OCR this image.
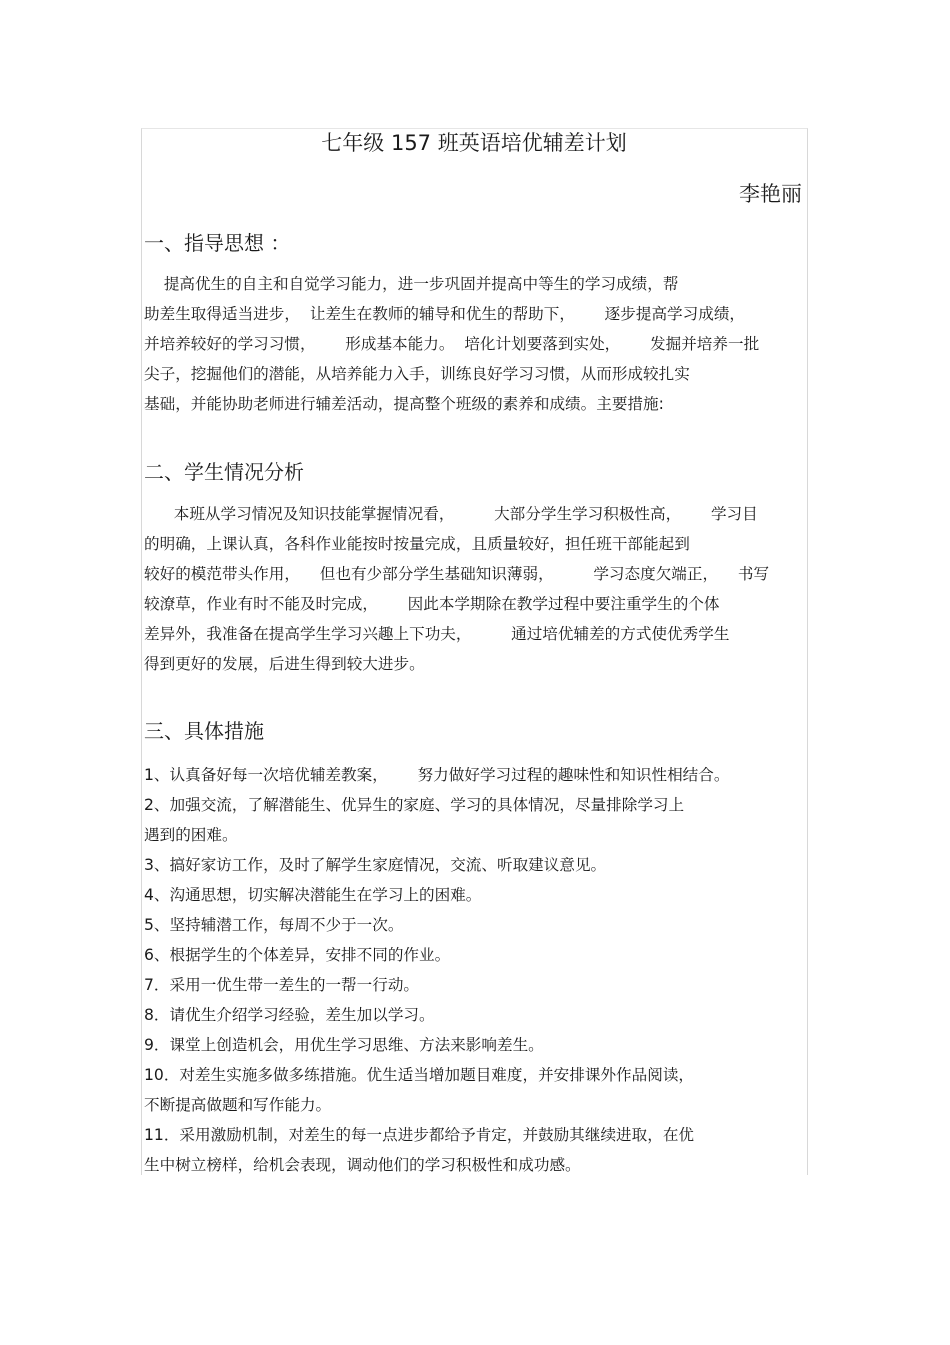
七年级 157 班英语培优辅差计划
李艳丽
一、指导思想 ：
提高优生的自主和自觉学习能力，进一步巩固并提高中等生的学习成绩，帮
助差生取得适当进步，  让差生在教师的辅导和优生的帮助下，      逐步提高学习成绩，
并培养较好的学习习惯，      形成基本能力。  培化计划要落到实处，      发掘并培养一批
尖子，挖掘他们的潜能，从培养能力入手，训练良好学习习惯，从而形成较扎实
基础，并能协助老师进行辅差活动，提高整个班级的素养和成绩。主要措施:
二、学生情况分析
本班从学习情况及知识技能掌握情况看，        大部分学生学习积极性高，      学习目
的明确，上课认真，各科作业能按时按量完成，且质量较好，担任班干部能起到
较好的模范带头作用，    但也有少部分学生基础知识薄弱，        学习态度欠端正，    书写
较潦草，作业有时不能及时完成，      因此本学期除在教学过程中要注重学生的个体
差异外，我准备在提高学生学习兴趣上下功夫，        通过培优辅差的方式使优秀学生
得到更好的发展，后进生得到较大进步。
三、具体措施
1、认真备好每一次培优辅差教案，      努力做好学习过程的趣味性和知识性相结合。
2、加强交流，了解潜能生、优异生的家庭、学习的具体情况，尽量排除学习上
遇到的困难。
3、搞好家访工作，及时了解学生家庭情况，交流、听取建议意见。
4、沟通思想，切实解决潜能生在学习上的困难。
5、坚持辅潜工作，每周不少于一次。
6、根据学生的个体差异，安排不同的作业。
7．采用一优生带一差生的一帮一行动。
8．请优生介绍学习经验，差生加以学习。
9．课堂上创造机会，用优生学习思维、方法来影响差生。
10．对差生实施多做多练措施。优生适当增加题目难度，并安排课外作品阅读，
不断提高做题和写作能力。
11．采用激励机制，对差生的每一点进步都给予肯定，并鼓励其继续进取，在优
生中树立榜样，给机会表现，调动他们的学习积极性和成功感。
